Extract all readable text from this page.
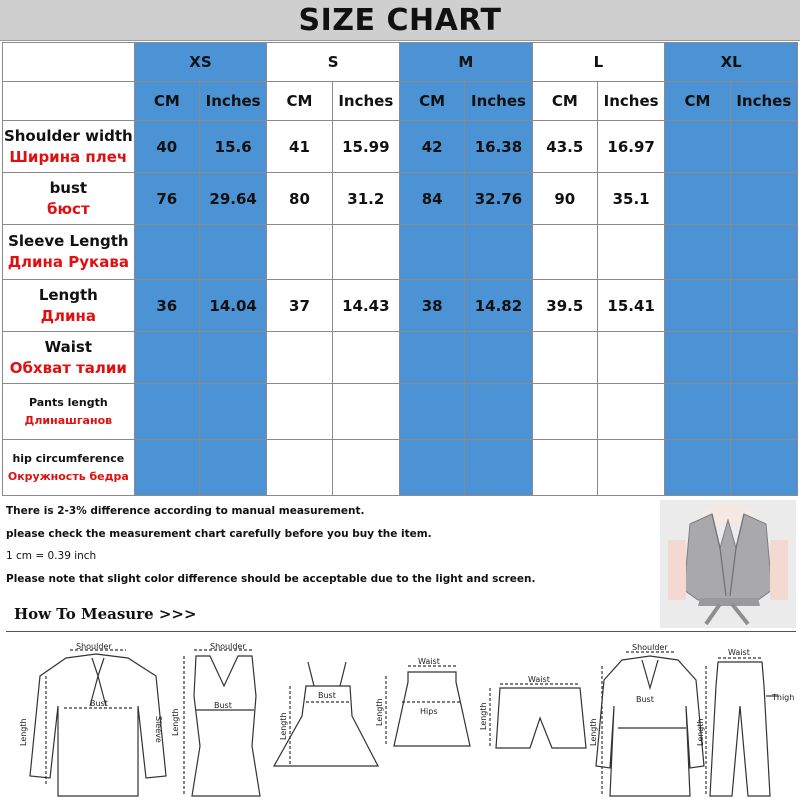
SIZE CHART
	XS		S		M		L		XL	
	CM	Inches	CM	Inches	CM	Inches	CM	Inches	CM	Inches

Shoulder width
Ширина плеч	40	15.6	41	15.99	42	16.38	43.5	16.97		

bust
бюст	76	29.64	80	31.2	84	32.76	90	35.1		

Sleeve Length
Длина Рукава										

Length
Длина	36	14.04	37	14.43	38	14.82	39.5	15.41		

Waist
Обхват талии										

Pants length
Длинашганов										

hip circumference
Окружность бедра										

There is 2-3% difference according to manual measurement.
please check the measurement chart carefully before you buy the item.
1 cm = 0.39 inch
Please note that slight color difference should be acceptable due to the light and screen.
How To Measure >>>
Shoulder
Bust
Length	Sleeve
Shoulder
Bust
Length
Bust
Length
Waist
Hips
Length
Waist
Length
Shoulder
Bust
Length
Waist
Thigh
Length
